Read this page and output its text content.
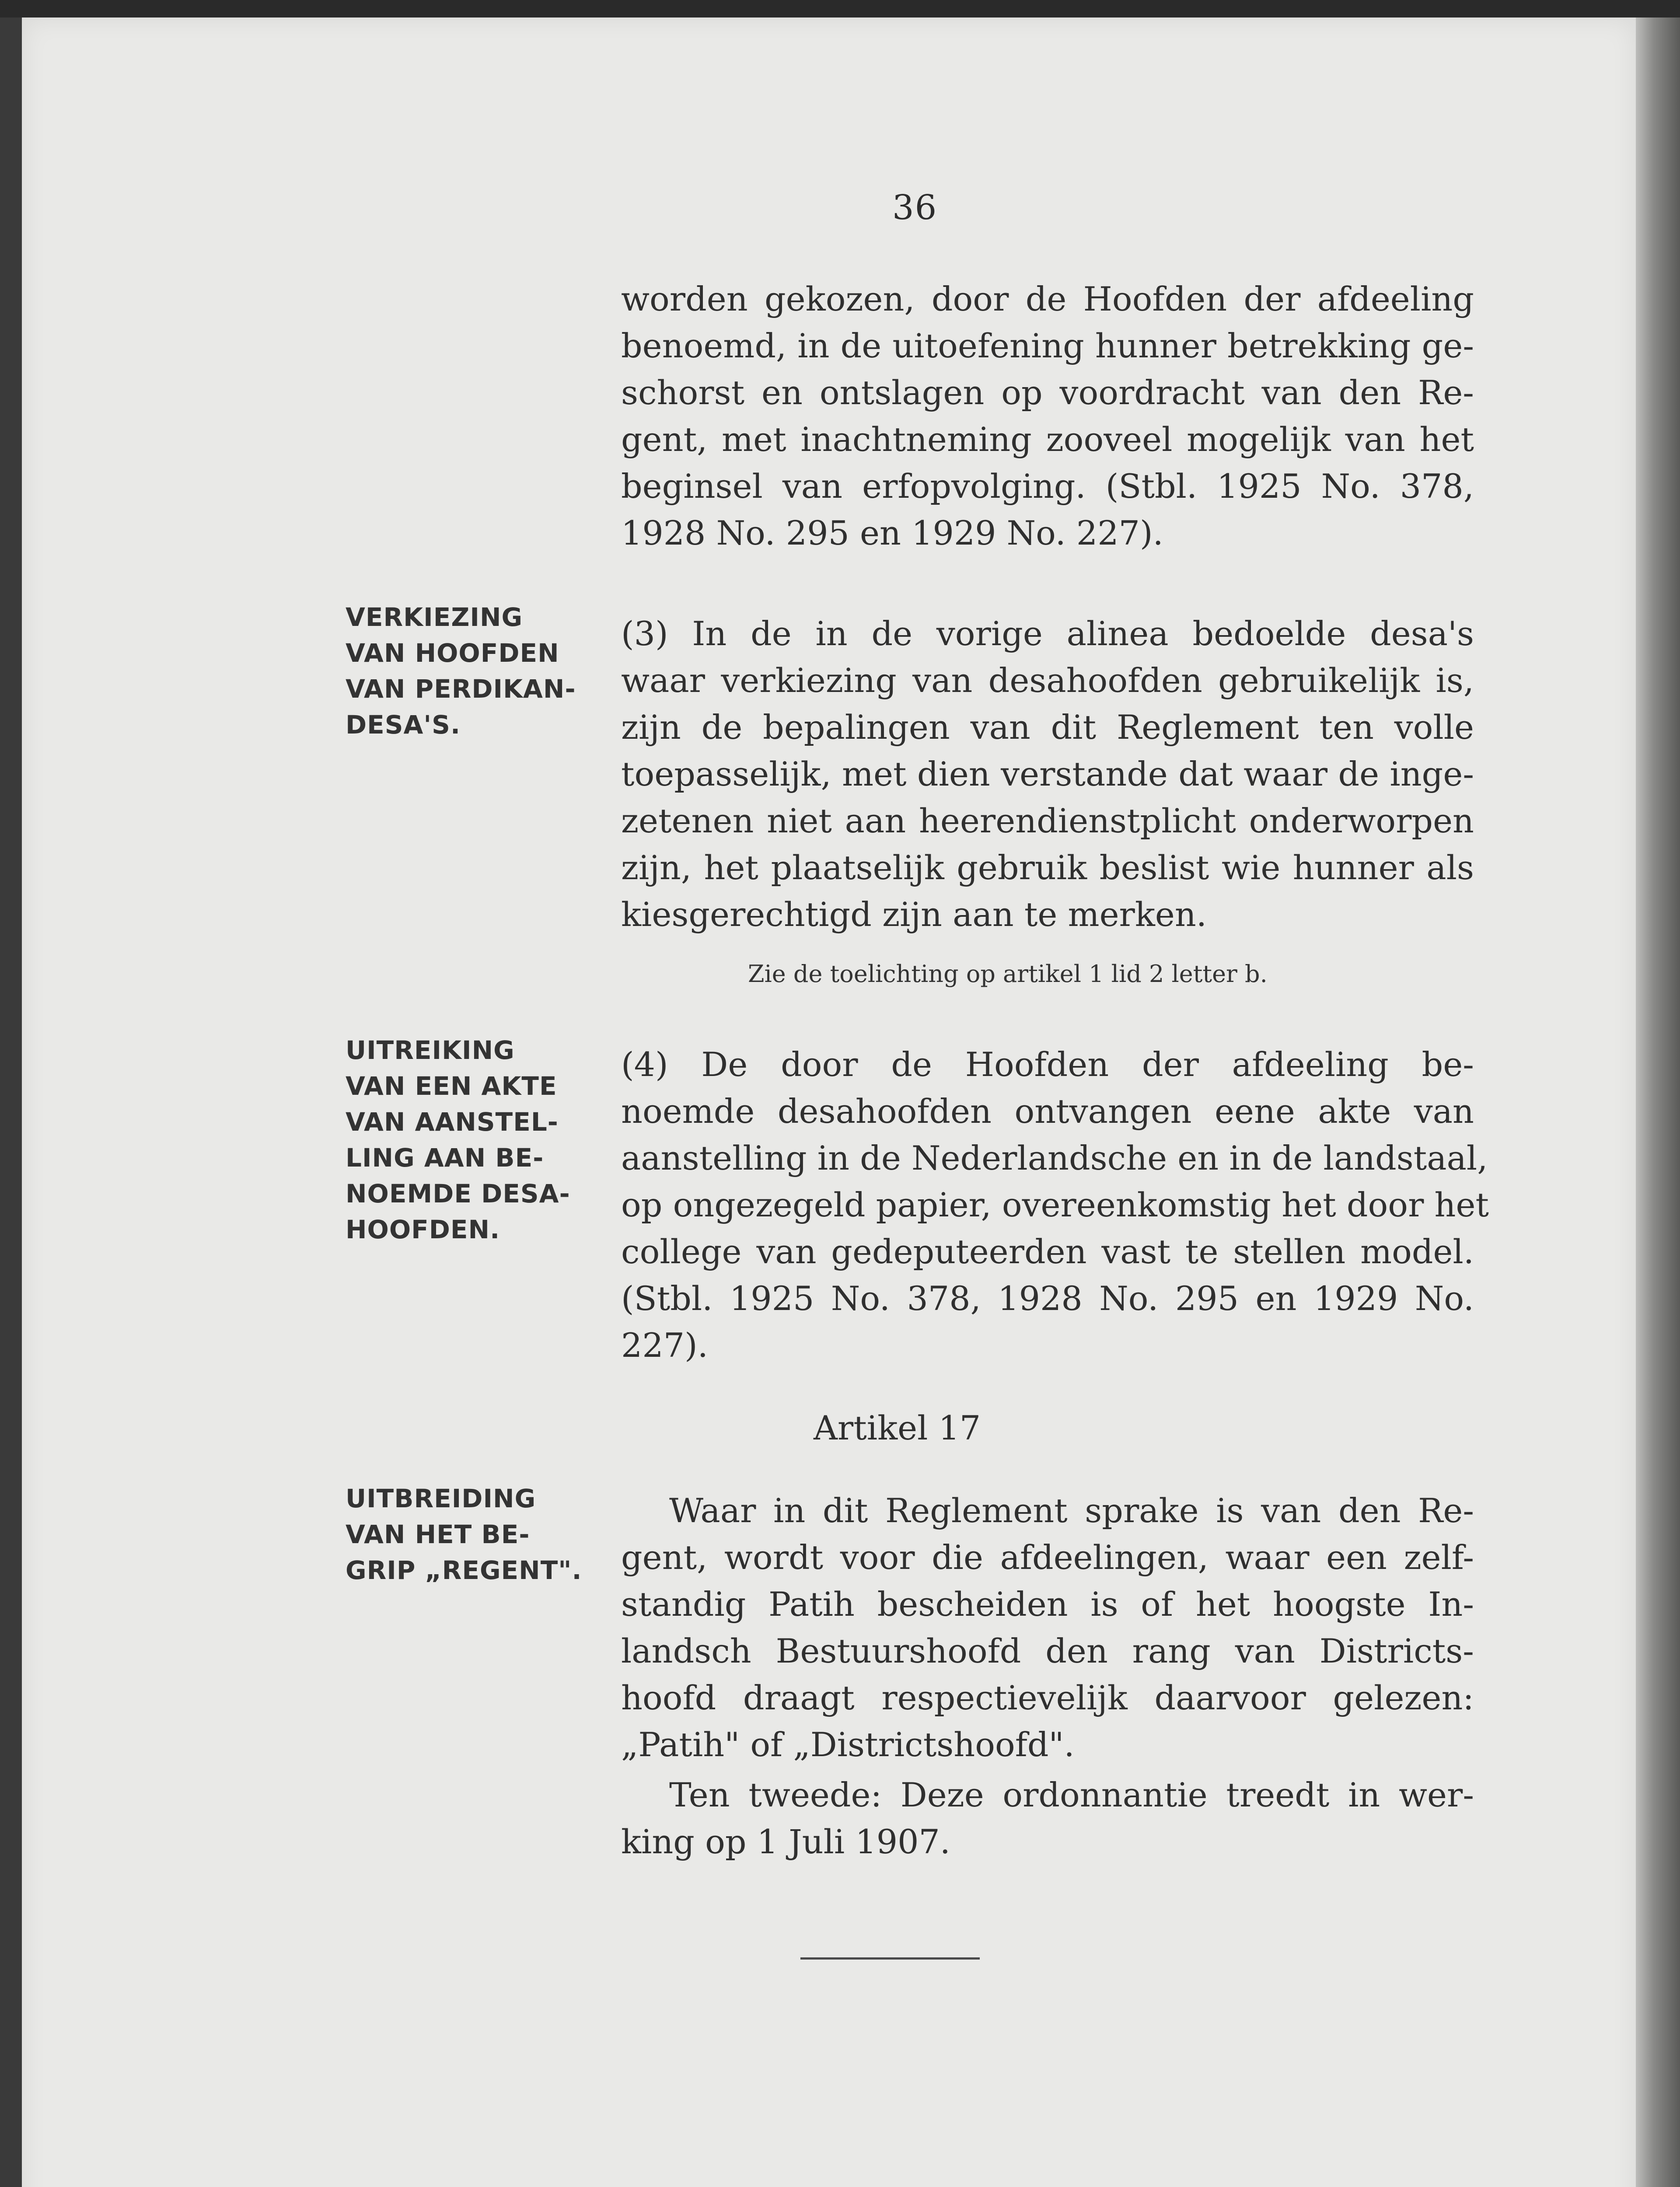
36
worden gekozen, door de Hoofden der afdeeling
benoemd, in de uitoefening hunner betrekking ge-
schorst en ontslagen op voordracht van den Re-
gent, met inachtneming zooveel mogelijk van het
beginsel van erfopvolging. (Stbl. 1925 No. 378,
1928 No. 295 en 1929 No. 227).
VERKIEZING
VAN HOOFDEN
VAN PERDIKAN-
DESA'S.
(3) In de in de vorige alinea bedoelde desa's
waar verkiezing van desahoofden gebruikelijk is,
zijn de bepalingen van dit Reglement ten volle
toepasselijk, met dien verstande dat waar de inge-
zetenen niet aan heerendienstplicht onderworpen
zijn, het plaatselijk gebruik beslist wie hunner als
kiesgerechtigd zijn aan te merken.
Zie de toelichting op artikel 1 lid 2 letter b.
UITREIKING
VAN EEN AKTE
VAN AANSTEL-
LING AAN BE-
NOEMDE DESA-
HOOFDEN.
(4) De door de Hoofden der afdeeling be-
noemde desahoofden ontvangen eene akte van
aanstelling in de Nederlandsche en in de landstaal,
op ongezegeld papier, overeenkomstig het door het
college van gedeputeerden vast te stellen model.
(Stbl. 1925 No. 378, 1928 No. 295 en 1929 No.
227).
Artikel 17
UITBREIDING
VAN HET BE-
GRIP „REGENT".
Waar in dit Reglement sprake is van den Re-
gent, wordt voor die afdeelingen, waar een zelf-
standig Patih bescheiden is of het hoogste In-
landsch Bestuurshoofd den rang van Districts-
hoofd draagt respectievelijk daarvoor gelezen:
„Patih" of „Districtshoofd".
Ten tweede: Deze ordonnantie treedt in wer-
king op 1 Juli 1907.
